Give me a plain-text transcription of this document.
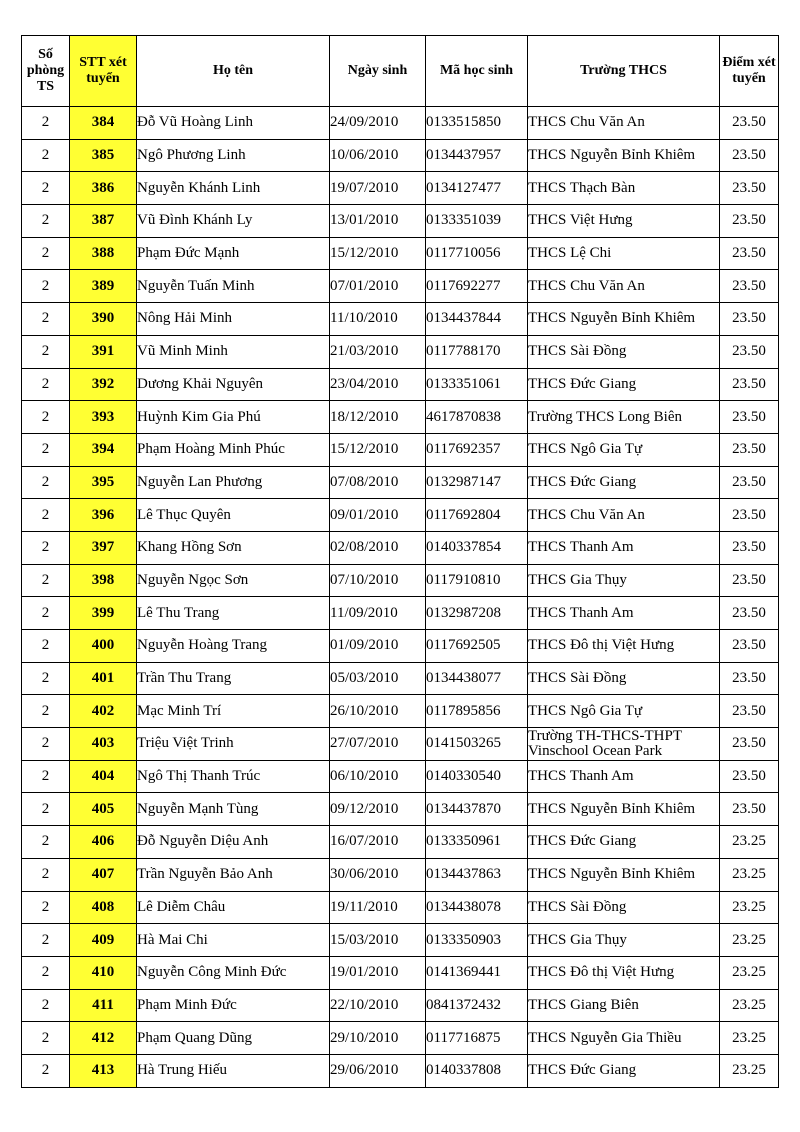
Số phòng TS	STT xét tuyển	Họ tên	Ngày sinh	Mã học sinh	Trường THCS	Điểm xét tuyển
2	384	Đỗ Vũ Hoàng Linh	24/09/2010	0133515850	THCS Chu Văn An	23.50
2	385	Ngô Phương Linh	10/06/2010	0134437957	THCS Nguyễn Bỉnh Khiêm	23.50
2	386	Nguyễn Khánh Linh	19/07/2010	0134127477	THCS Thạch Bàn	23.50
2	387	Vũ Đình Khánh Ly	13/01/2010	0133351039	THCS Việt Hưng	23.50
2	388	Phạm Đức Mạnh	15/12/2010	0117710056	THCS Lệ Chi	23.50
2	389	Nguyễn Tuấn Minh	07/01/2010	0117692277	THCS Chu Văn An	23.50
2	390	Nông Hải Minh	11/10/2010	0134437844	THCS Nguyễn Bỉnh Khiêm	23.50
2	391	Vũ Minh Minh	21/03/2010	0117788170	THCS Sài Đồng	23.50
2	392	Dương Khải Nguyên	23/04/2010	0133351061	THCS Đức Giang	23.50
2	393	Huỳnh Kim Gia Phú	18/12/2010	4617870838	Trường THCS Long Biên	23.50
2	394	Phạm Hoàng Minh Phúc	15/12/2010	0117692357	THCS Ngô Gia Tự	23.50
2	395	Nguyễn Lan Phương	07/08/2010	0132987147	THCS Đức Giang	23.50
2	396	Lê Thục Quyên	09/01/2010	0117692804	THCS Chu Văn An	23.50
2	397	Khang Hồng Sơn	02/08/2010	0140337854	THCS Thanh Am	23.50
2	398	Nguyễn Ngọc Sơn	07/10/2010	0117910810	THCS Gia Thụy	23.50
2	399	Lê Thu Trang	11/09/2010	0132987208	THCS Thanh Am	23.50
2	400	Nguyễn Hoàng Trang	01/09/2010	0117692505	THCS Đô thị Việt Hưng	23.50
2	401	Trần Thu Trang	05/03/2010	0134438077	THCS Sài Đồng	23.50
2	402	Mạc Minh Trí	26/10/2010	0117895856	THCS Ngô Gia Tự	23.50
2	403	Triệu Việt Trinh	27/07/2010	0141503265	Trường TH-THCS-THPT Vinschool Ocean Park	23.50
2	404	Ngô Thị Thanh Trúc	06/10/2010	0140330540	THCS Thanh Am	23.50
2	405	Nguyễn Mạnh Tùng	09/12/2010	0134437870	THCS Nguyễn Bỉnh Khiêm	23.50
2	406	Đỗ Nguyễn Diệu Anh	16/07/2010	0133350961	THCS Đức Giang	23.25
2	407	Trần Nguyễn Bảo Anh	30/06/2010	0134437863	THCS Nguyễn Bỉnh Khiêm	23.25
2	408	Lê Diễm Châu	19/11/2010	0134438078	THCS Sài Đồng	23.25
2	409	Hà Mai Chi	15/03/2010	0133350903	THCS Gia Thụy	23.25
2	410	Nguyễn Công Minh Đức	19/01/2010	0141369441	THCS Đô thị Việt Hưng	23.25
2	411	Phạm Minh Đức	22/10/2010	0841372432	THCS Giang Biên	23.25
2	412	Phạm Quang Dũng	29/10/2010	0117716875	THCS Nguyễn Gia Thiều	23.25
2	413	Hà Trung Hiếu	29/06/2010	0140337808	THCS Đức Giang	23.25
